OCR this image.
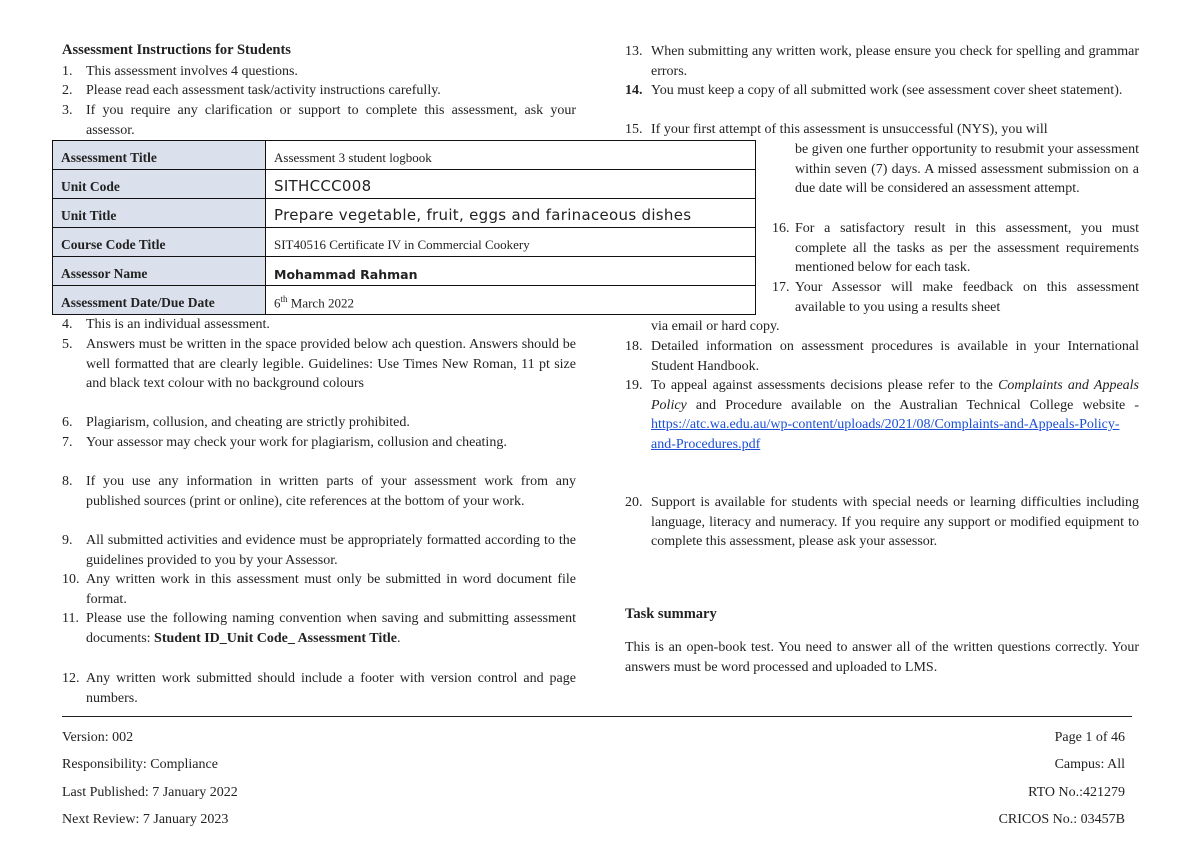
Assessment Instructions for Students
1. This assessment involves 4 questions.
2. Please read each assessment task/activity instructions carefully.
3. If you require any clarification or support to complete this assessment, ask your assessor.
4. This is an individual assessment.
5. Answers must be written in the space provided below ach question. Answers should be well formatted that are clearly legible. Guidelines: Use Times New Roman, 11 pt size and black text colour with no background colours
6. Plagiarism, collusion, and cheating are strictly prohibited.
7. Your assessor may check your work for plagiarism, collusion and cheating.
8. If you use any information in written parts of your assessment work from any published sources (print or online), cite references at the bottom of your work.
9. All submitted activities and evidence must be appropriately formatted according to the guidelines provided to you by your Assessor.
10. Any written work in this assessment must only be submitted in word document file format.
11. Please use the following naming convention when saving and submitting assessment documents: Student ID_Unit Code_ Assessment Title.
12. Any written work submitted should include a footer with version control and page numbers.
Assessment Title	Assessment 3 student logbook
Unit Code	SITHCCC008
Unit Title	Prepare vegetable, fruit, eggs and farinaceous dishes
Course Code Title	SIT40516 Certificate IV in Commercial Cookery
Assessor Name	Mohammad Rahman
Assessment Date/Due Date	6th March 2022
13. When submitting any written work, please ensure you check for spelling and grammar errors.
14. You must keep a copy of all submitted work (see assessment cover sheet statement).
15. If your first attempt of this assessment is unsuccessful (NYS), you will
be given one further opportunity to resubmit your assessment within seven (7) days. A missed assessment submission on a due date will be considered an assessment attempt.
16. For a satisfactory result in this assessment, you must complete all the tasks as per the assessment requirements mentioned below for each task.
17. Your Assessor will make feedback on this assessment available to you using a results sheet
via email or hard copy.
18. Detailed information on assessment procedures is available in your International Student Handbook.
19. To appeal against assessments decisions please refer to the Complaints and Appeals Policy and Procedure available on the Australian Technical College website - https://atc.wa.edu.au/wp-content/uploads/2021/08/Complaints-and-Appeals-Policy-and-Procedures.pdf
20. Support is available for students with special needs or learning difficulties including language, literacy and numeracy. If you require any support or modified equipment to complete this assessment, please ask your assessor.
Task summary
This is an open-book test. You need to answer all of the written questions correctly. Your answers must be word processed and uploaded to LMS.
Version: 002
Responsibility: Compliance
Last Published: 7 January 2022
Next Review: 7 January 2023
Page 1 of 46
Campus: All
RTO No.:421279
CRICOS No.: 03457B
